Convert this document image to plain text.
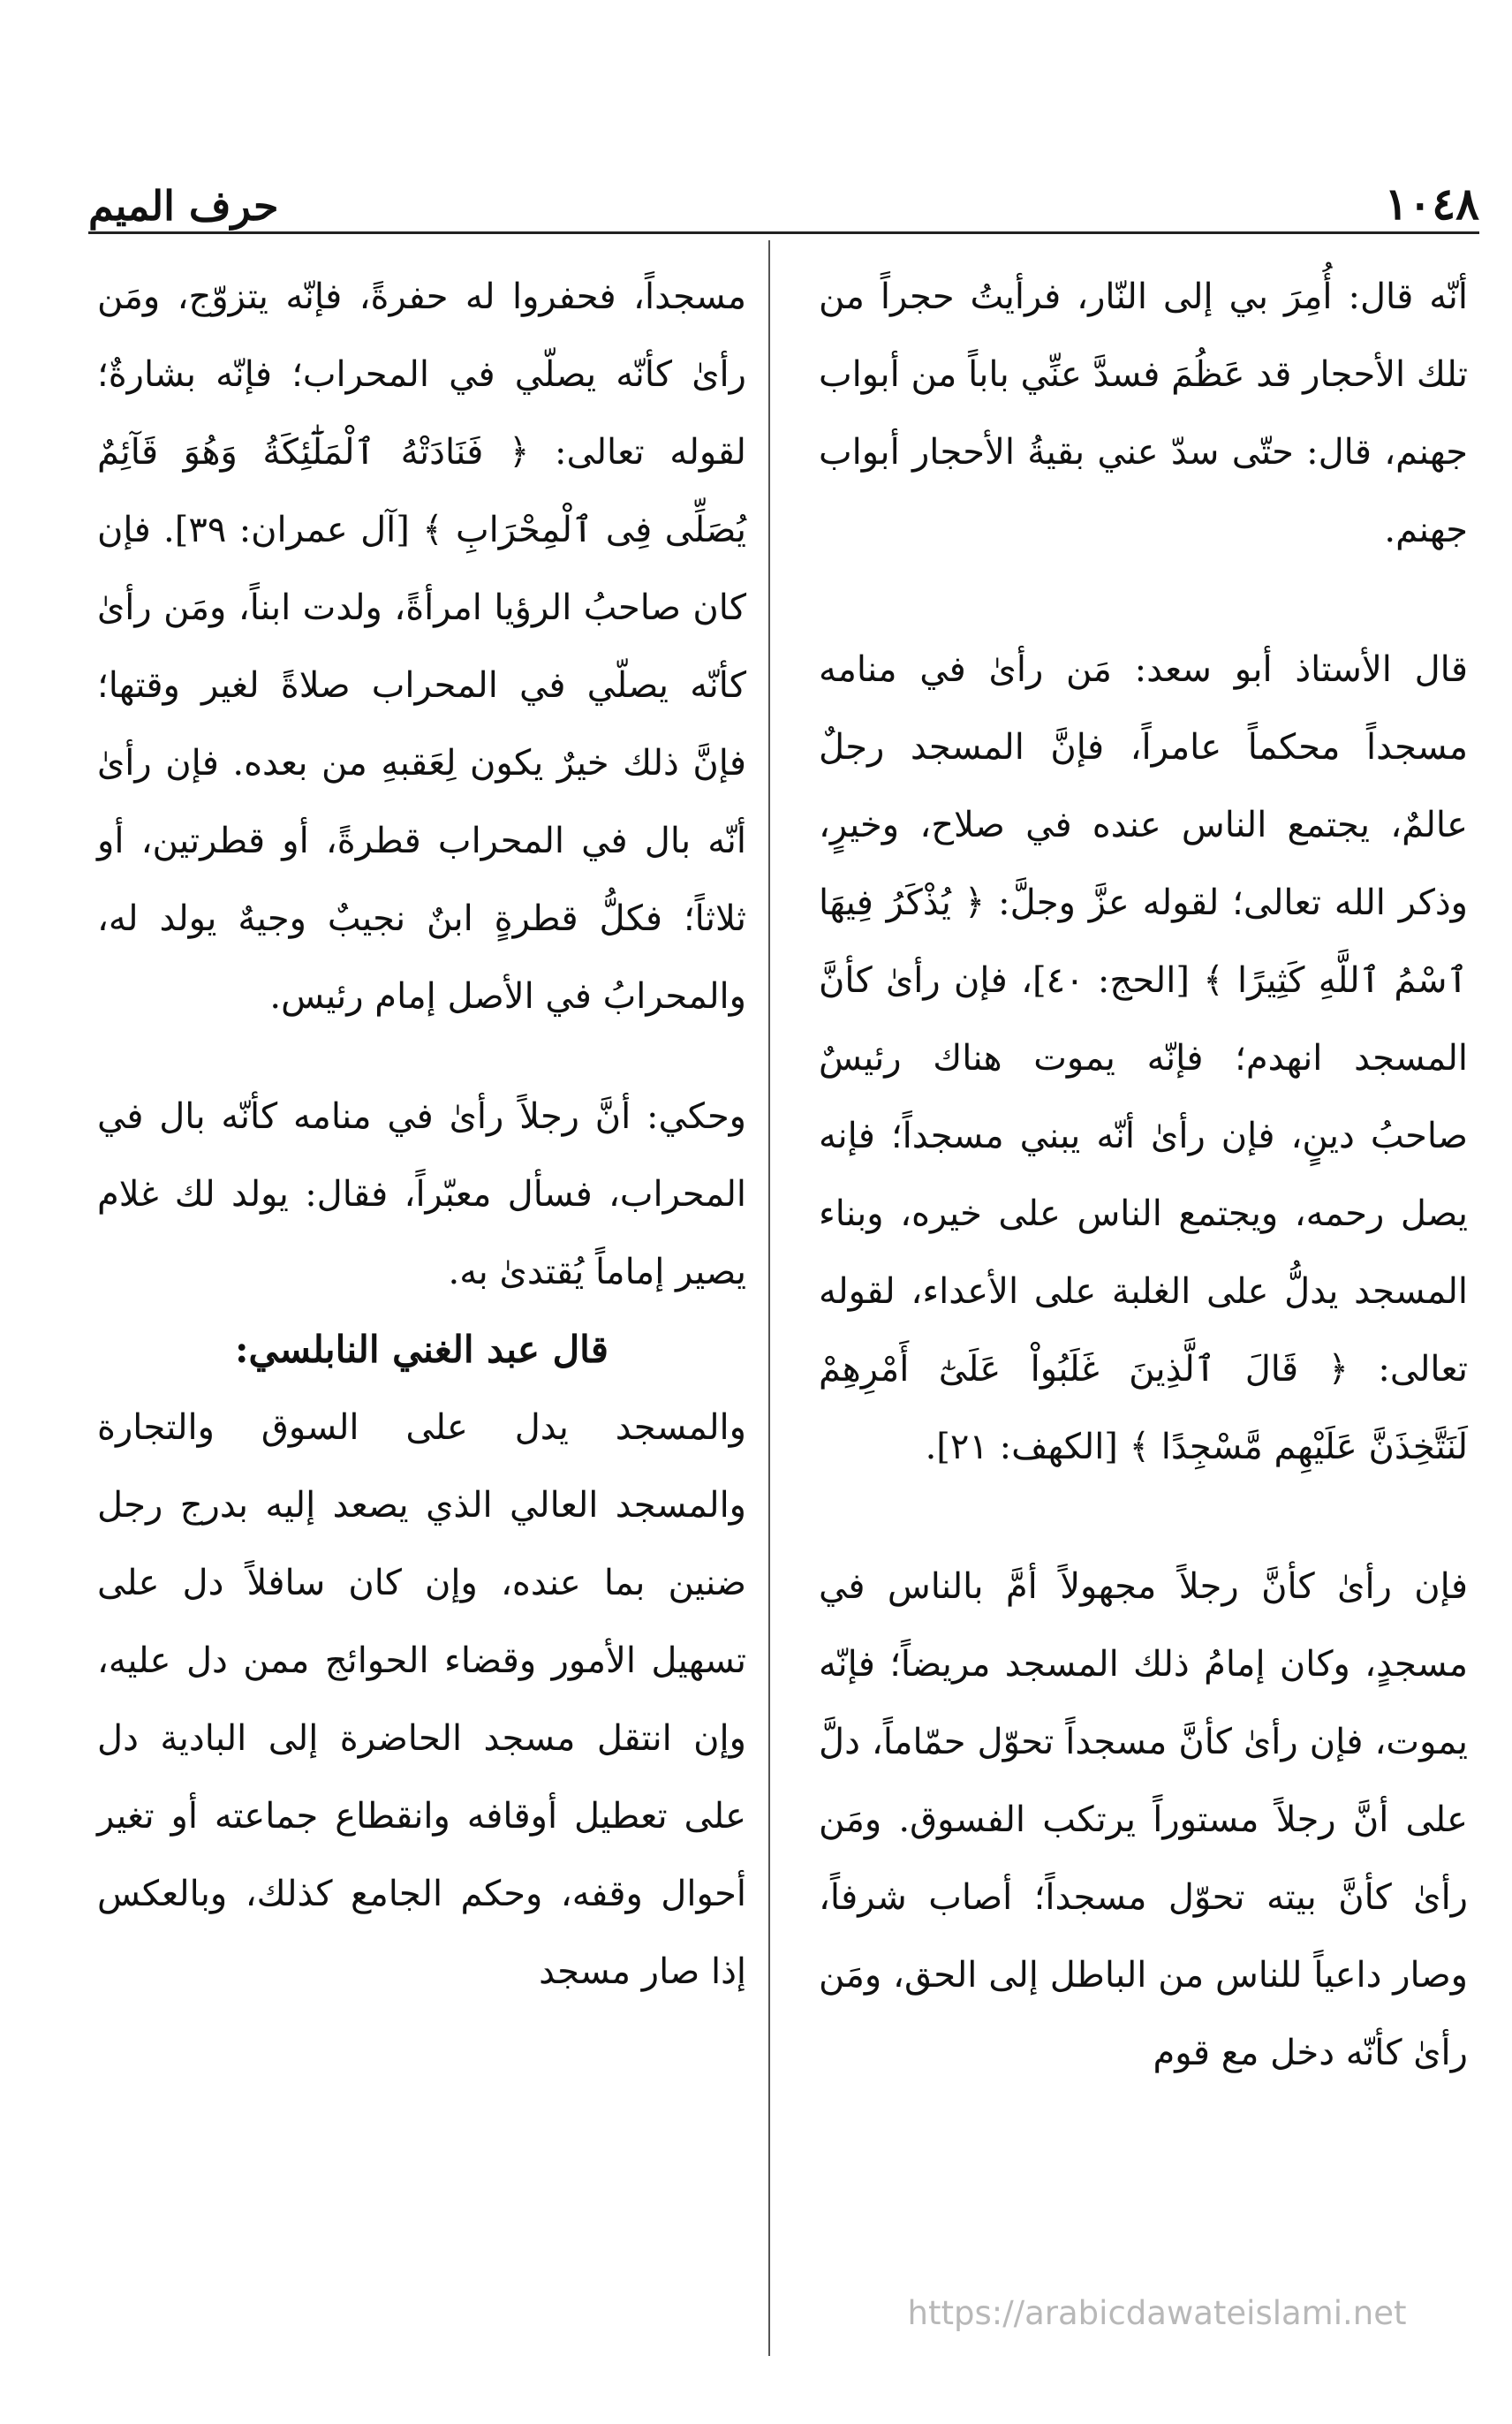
١٠٤٨
حرف الميم

أنّه قال: أُمِرَ بي إلى النّار، فرأيتُ حجراً من تلك الأحجار قد عَظُمَ فسدَّ عنِّي باباً من أبواب جهنم، قال: حتّى سدّ عني بقيةُ الأحجار أبواب جهنم.

قال الأستاذ أبو سعد: مَن رأىٰ في منامه مسجداً محكماً عامراً، فإنَّ المسجد رجلٌ عالمٌ، يجتمع الناس عنده في صلاح، وخيرٍ، وذكر الله تعالى؛ لقوله عزَّ وجلَّ: ﴿ يُذْكَرُ فِيهَا ٱسْمُ ٱللَّهِ كَثِيرًا ﴾ [الحج: ٤٠]، فإن رأىٰ كأنَّ المسجد انهدم؛ فإنّه يموت هناك رئيسٌ صاحبُ دينٍ، فإن رأىٰ أنّه يبني مسجداً؛ فإنه يصل رحمه، ويجتمع الناس على خيره، وبناء المسجد يدلُّ على الغلبة على الأعداء، لقوله تعالى: ﴿ قَالَ ٱلَّذِينَ غَلَبُواْ عَلَىٰٓ أَمْرِهِمْ لَنَتَّخِذَنَّ عَلَيْهِم مَّسْجِدًا ﴾ [الكهف: ٢١].

فإن رأىٰ كأنَّ رجلاً مجهولاً أمَّ بالناس في مسجدٍ، وكان إمامُ ذلك المسجد مريضاً؛ فإنّه يموت، فإن رأىٰ كأنَّ مسجداً تحوّل حمّاماً، دلَّ على أنَّ رجلاً مستوراً يرتكب الفسوق. ومَن رأىٰ كأنَّ بيته تحوّل مسجداً؛ أصاب شرفاً، وصار داعياً للناس من الباطل إلى الحق، ومَن رأىٰ كأنّه دخل مع قوم

مسجداً، فحفروا له حفرةً، فإنّه يتزوّج، ومَن رأىٰ كأنّه يصلّي في المحراب؛ فإنّه بشارةٌ؛ لقوله تعالى: ﴿ فَنَادَتْهُ ٱلْمَلَٰٓئِكَةُ وَهُوَ قَآئِمٌ يُصَلِّى فِى ٱلْمِحْرَابِ ﴾ [آل عمران: ٣٩]. فإن كان صاحبُ الرؤيا امرأةً، ولدت ابناً، ومَن رأىٰ كأنّه يصلّي في المحراب صلاةً لغير وقتها؛ فإنَّ ذلك خيرٌ يكون لِعَقبهِ من بعده. فإن رأىٰ أنّه بال في المحراب قطرةً، أو قطرتين، أو ثلاثاً؛ فكلُّ قطرةٍ ابنٌ نجيبٌ وجيهٌ يولد له، والمحرابُ في الأصل إمام رئيس.

وحكي: أنَّ رجلاً رأىٰ في منامه كأنّه بال في المحراب، فسأل معبّراً، فقال: يولد لك غلام يصير إماماً يُقتدىٰ به.

قال عبد الغني النابلسي:

والمسجد يدل على السوق والتجارة والمسجد العالي الذي يصعد إليه بدرج رجل ضنين بما عنده، وإن كان سافلاً دل على تسهيل الأمور وقضاء الحوائج ممن دل عليه، وإن انتقل مسجد الحاضرة إلى البادية دل على تعطيل أوقافه وانقطاع جماعته أو تغير أحوال وقفه، وحكم الجامع كذلك، وبالعكس إذا صار مسجد

https://arabicdawateislami.net
